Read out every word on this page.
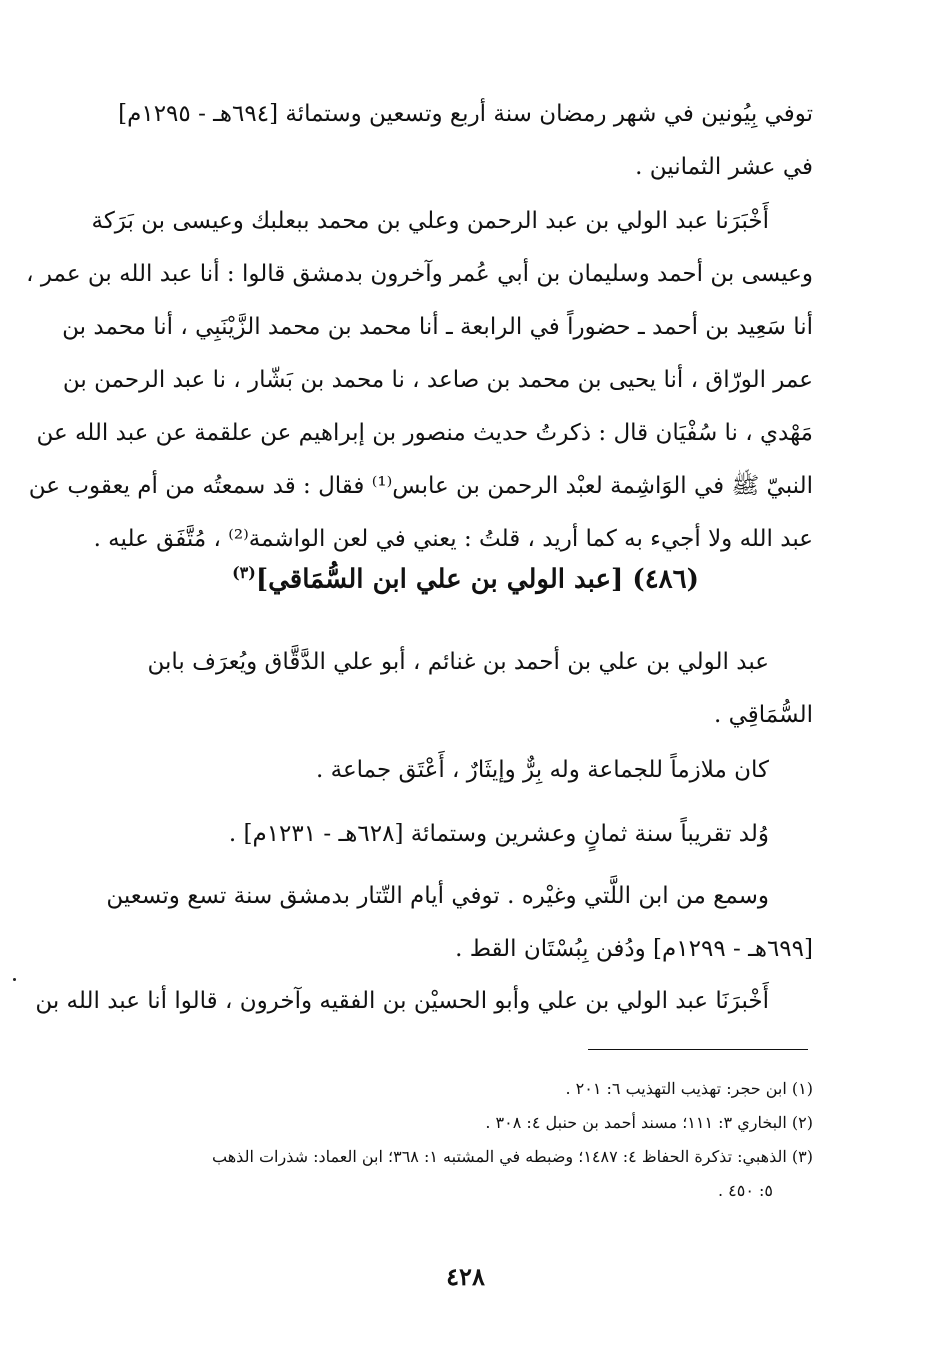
توفي بِيُونين في شهر رمضان سنة أربع وتسعين وستمائة [٦٩٤هـ - ١٢٩٥م]
في عشر الثمانين .
أَخْبَرَنا عبد الولي بن عبد الرحمن وعلي بن محمد ببعلبك وعيسى بن بَرَكة
وعيسى بن أحمد وسليمان بن أبي عُمر وآخرون بدمشق قالوا : أنا عبد الله بن عمر ،
أنا سَعِيد بن أحمد ـ حضوراً في الرابعة ـ أنا محمد بن محمد الزَّيْنَبِي ، أنا محمد بن
عمر الورّاق ، أنا يحيى بن محمد بن صاعد ، نا محمد بن بَشّار ، نا عبد الرحمن بن
مَهْدي ، نا سُفْيَان قال : ذكرتُ حديث منصور بن إبراهيم عن علقمة عن عبد الله عن
النبيّ ﷺ في الوَاشِمة لعبْد الرحمن بن عابس⁽¹⁾ فقال : قد سمعتُه من أم يعقوب عن
عبد الله ولا أجيء به كما أريد ، قلتُ : يعني في لعن الواشمة⁽²⁾ ، مُتَّفَق عليه .
(٤٨٦) [عبد الولي بن علي ابن السُّمَاقي]$^{(٣)}$
عبد الولي بن علي بن أحمد بن غنائم ، أبو علي الدَّقَّاق ويُعرَف بابن
السُّمَاقِي .
كان ملازماً للجماعة وله بِرٌّ وإيثَارٌ ، أَعْتَق جماعة .
وُلد تقريباً سنة ثمانٍ وعشرين وستمائة [٦٢٨هـ - ١٢٣١م] .
وسمع من ابن اللَّتي وغيْره . توفي أيام التّتار بدمشق سنة تسع وتسعين
[٦٩٩هـ - ١٢٩٩م] ودُفن بِبُسْتَان القط .
أَخْبرَنَا عبد الولي بن علي وأبو الحسيْن بن الفقيه وآخرون ، قالوا أنا عبد الله بن
(١) ابن حجر: تهذيب التهذيب ٦: ٢٠١ .
(٢) البخاري ٣: ١١١؛ مسند أحمد بن حنبل ٤: ٣٠٨ .
(٣) الذهبي: تذكرة الحفاظ ٤: ١٤٨٧؛ وضبطه في المشتبه ١: ٣٦٨؛ ابن العماد: شذرات الذهب
٥: ٤٥٠ .
٤٢٨
